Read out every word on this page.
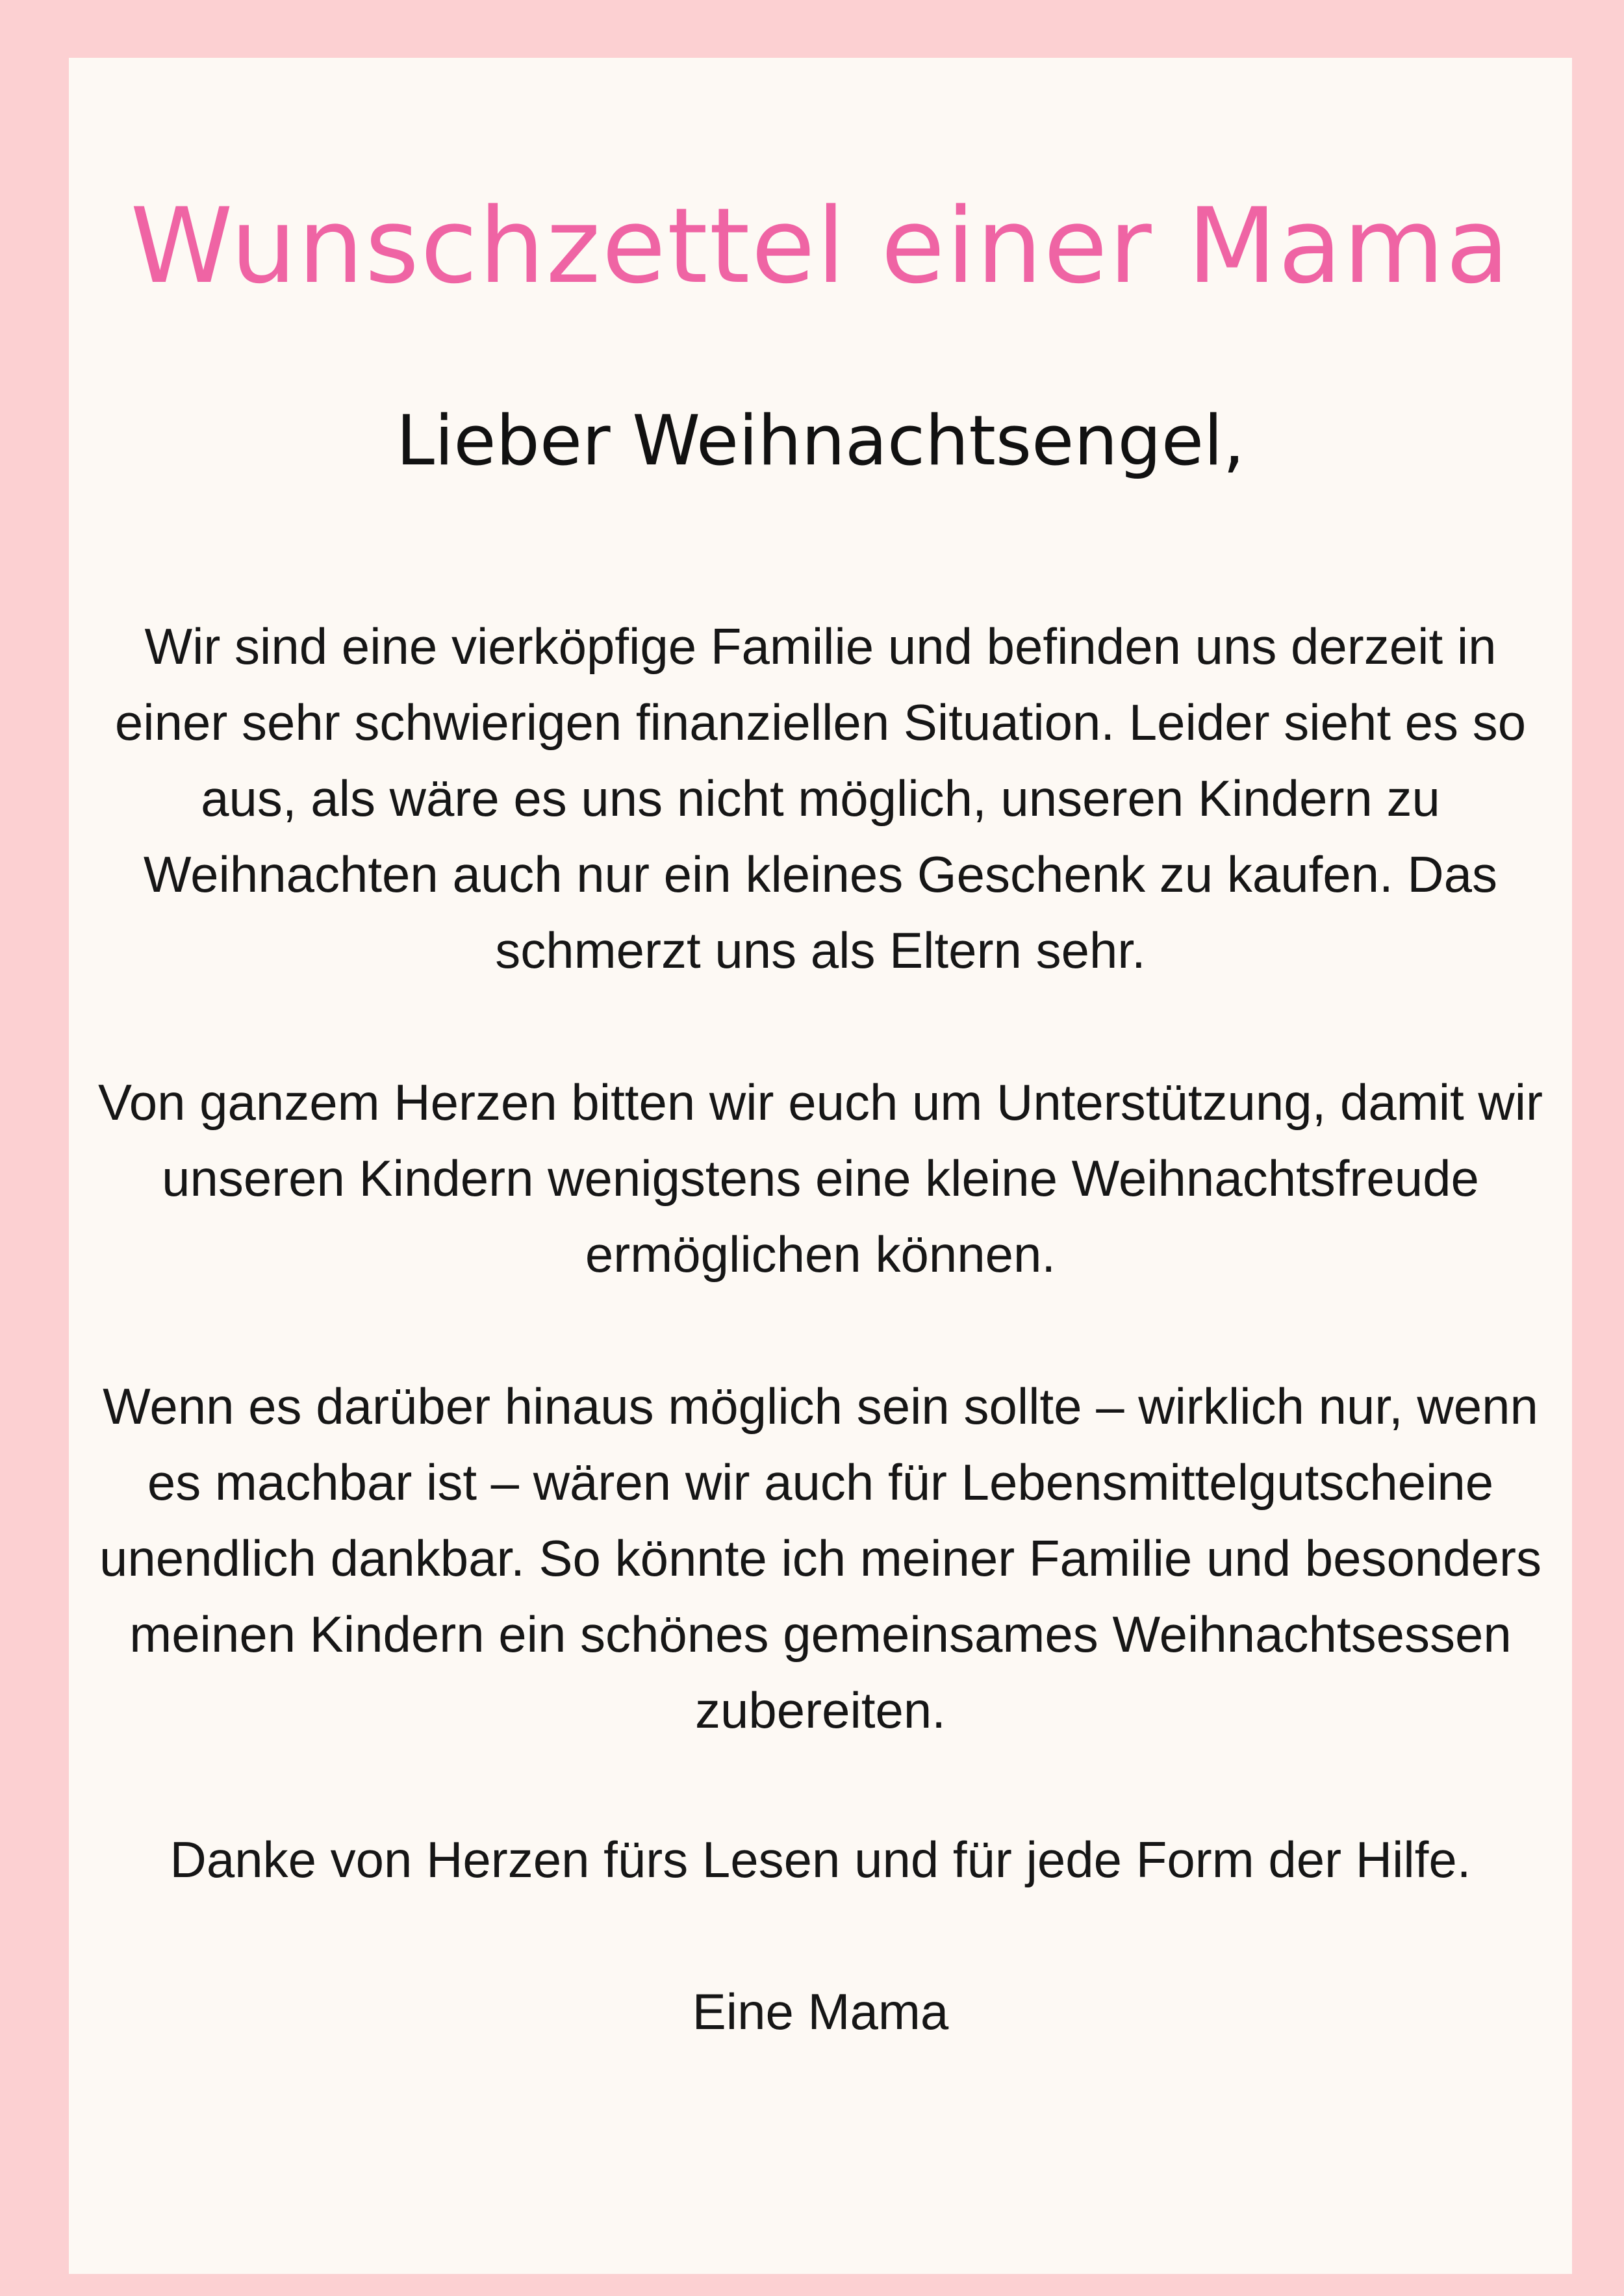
Wunschzettel einer Mama

Lieber Weihnachtsengel,

Wir sind eine vierköpfige Familie und befinden uns derzeit in einer sehr schwierigen finanziellen Situation. Leider sieht es so aus, als wäre es uns nicht möglich, unseren Kindern zu Weihnachten auch nur ein kleines Geschenk zu kaufen. Das schmerzt uns als Eltern sehr.

Von ganzem Herzen bitten wir euch um Unterstützung, damit wir unseren Kindern wenigstens eine kleine Weihnachtsfreude ermöglichen können.

Wenn es darüber hinaus möglich sein sollte – wirklich nur, wenn es machbar ist – wären wir auch für Lebensmittelgutscheine unendlich dankbar. So könnte ich meiner Familie und besonders meinen Kindern ein schönes gemeinsames Weihnachtsessen zubereiten.

Danke von Herzen fürs Lesen und für jede Form der Hilfe.

Eine Mama
